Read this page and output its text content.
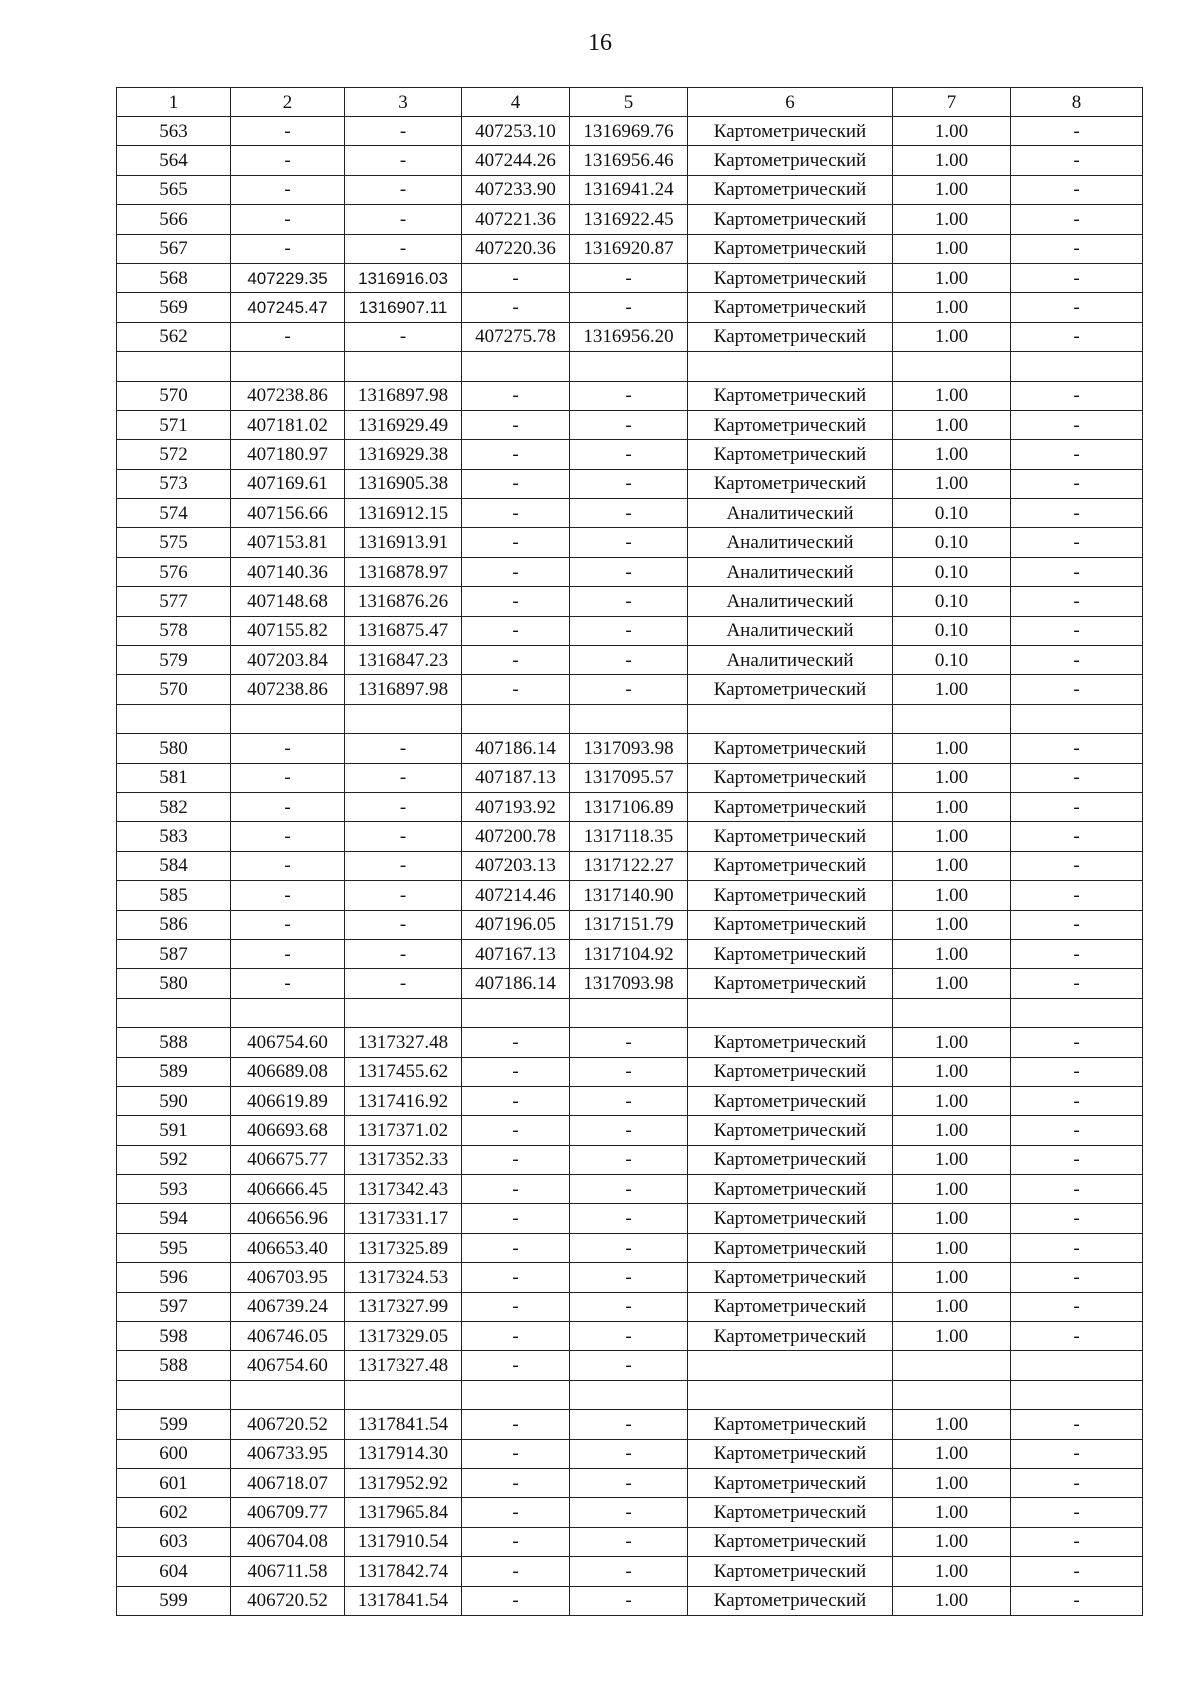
16
1	2	3	4	5	6	7	8
563	-	-	407253.10	1316969.76	Картометрический	1.00	-
564	-	-	407244.26	1316956.46	Картометрический	1.00	-
565	-	-	407233.90	1316941.24	Картометрический	1.00	-
566	-	-	407221.36	1316922.45	Картометрический	1.00	-
567	-	-	407220.36	1316920.87	Картометрический	1.00	-
568	407229.35	1316916.03	-	-	Картометрический	1.00	-
569	407245.47	1316907.11	-	-	Картометрический	1.00	-
562	-	-	407275.78	1316956.20	Картометрический	1.00	-

570	407238.86	1316897.98	-	-	Картометрический	1.00	-
571	407181.02	1316929.49	-	-	Картометрический	1.00	-
572	407180.97	1316929.38	-	-	Картометрический	1.00	-
573	407169.61	1316905.38	-	-	Картометрический	1.00	-
574	407156.66	1316912.15	-	-	Аналитический	0.10	-
575	407153.81	1316913.91	-	-	Аналитический	0.10	-
576	407140.36	1316878.97	-	-	Аналитический	0.10	-
577	407148.68	1316876.26	-	-	Аналитический	0.10	-
578	407155.82	1316875.47	-	-	Аналитический	0.10	-
579	407203.84	1316847.23	-	-	Аналитический	0.10	-
570	407238.86	1316897.98	-	-	Картометрический	1.00	-

580	-	-	407186.14	1317093.98	Картометрический	1.00	-
581	-	-	407187.13	1317095.57	Картометрический	1.00	-
582	-	-	407193.92	1317106.89	Картометрический	1.00	-
583	-	-	407200.78	1317118.35	Картометрический	1.00	-
584	-	-	407203.13	1317122.27	Картометрический	1.00	-
585	-	-	407214.46	1317140.90	Картометрический	1.00	-
586	-	-	407196.05	1317151.79	Картометрический	1.00	-
587	-	-	407167.13	1317104.92	Картометрический	1.00	-
580	-	-	407186.14	1317093.98	Картометрический	1.00	-

588	406754.60	1317327.48	-	-	Картометрический	1.00	-
589	406689.08	1317455.62	-	-	Картометрический	1.00	-
590	406619.89	1317416.92	-	-	Картометрический	1.00	-
591	406693.68	1317371.02	-	-	Картометрический	1.00	-
592	406675.77	1317352.33	-	-	Картометрический	1.00	-
593	406666.45	1317342.43	-	-	Картометрический	1.00	-
594	406656.96	1317331.17	-	-	Картометрический	1.00	-
595	406653.40	1317325.89	-	-	Картометрический	1.00	-
596	406703.95	1317324.53	-	-	Картометрический	1.00	-
597	406739.24	1317327.99	-	-	Картометрический	1.00	-
598	406746.05	1317329.05	-	-	Картометрический	1.00	-
588	406754.60	1317327.48	-	-			

599	406720.52	1317841.54	-	-	Картометрический	1.00	-
600	406733.95	1317914.30	-	-	Картометрический	1.00	-
601	406718.07	1317952.92	-	-	Картометрический	1.00	-
602	406709.77	1317965.84	-	-	Картометрический	1.00	-
603	406704.08	1317910.54	-	-	Картометрический	1.00	-
604	406711.58	1317842.74	-	-	Картометрический	1.00	-
599	406720.52	1317841.54	-	-	Картометрический	1.00	-
